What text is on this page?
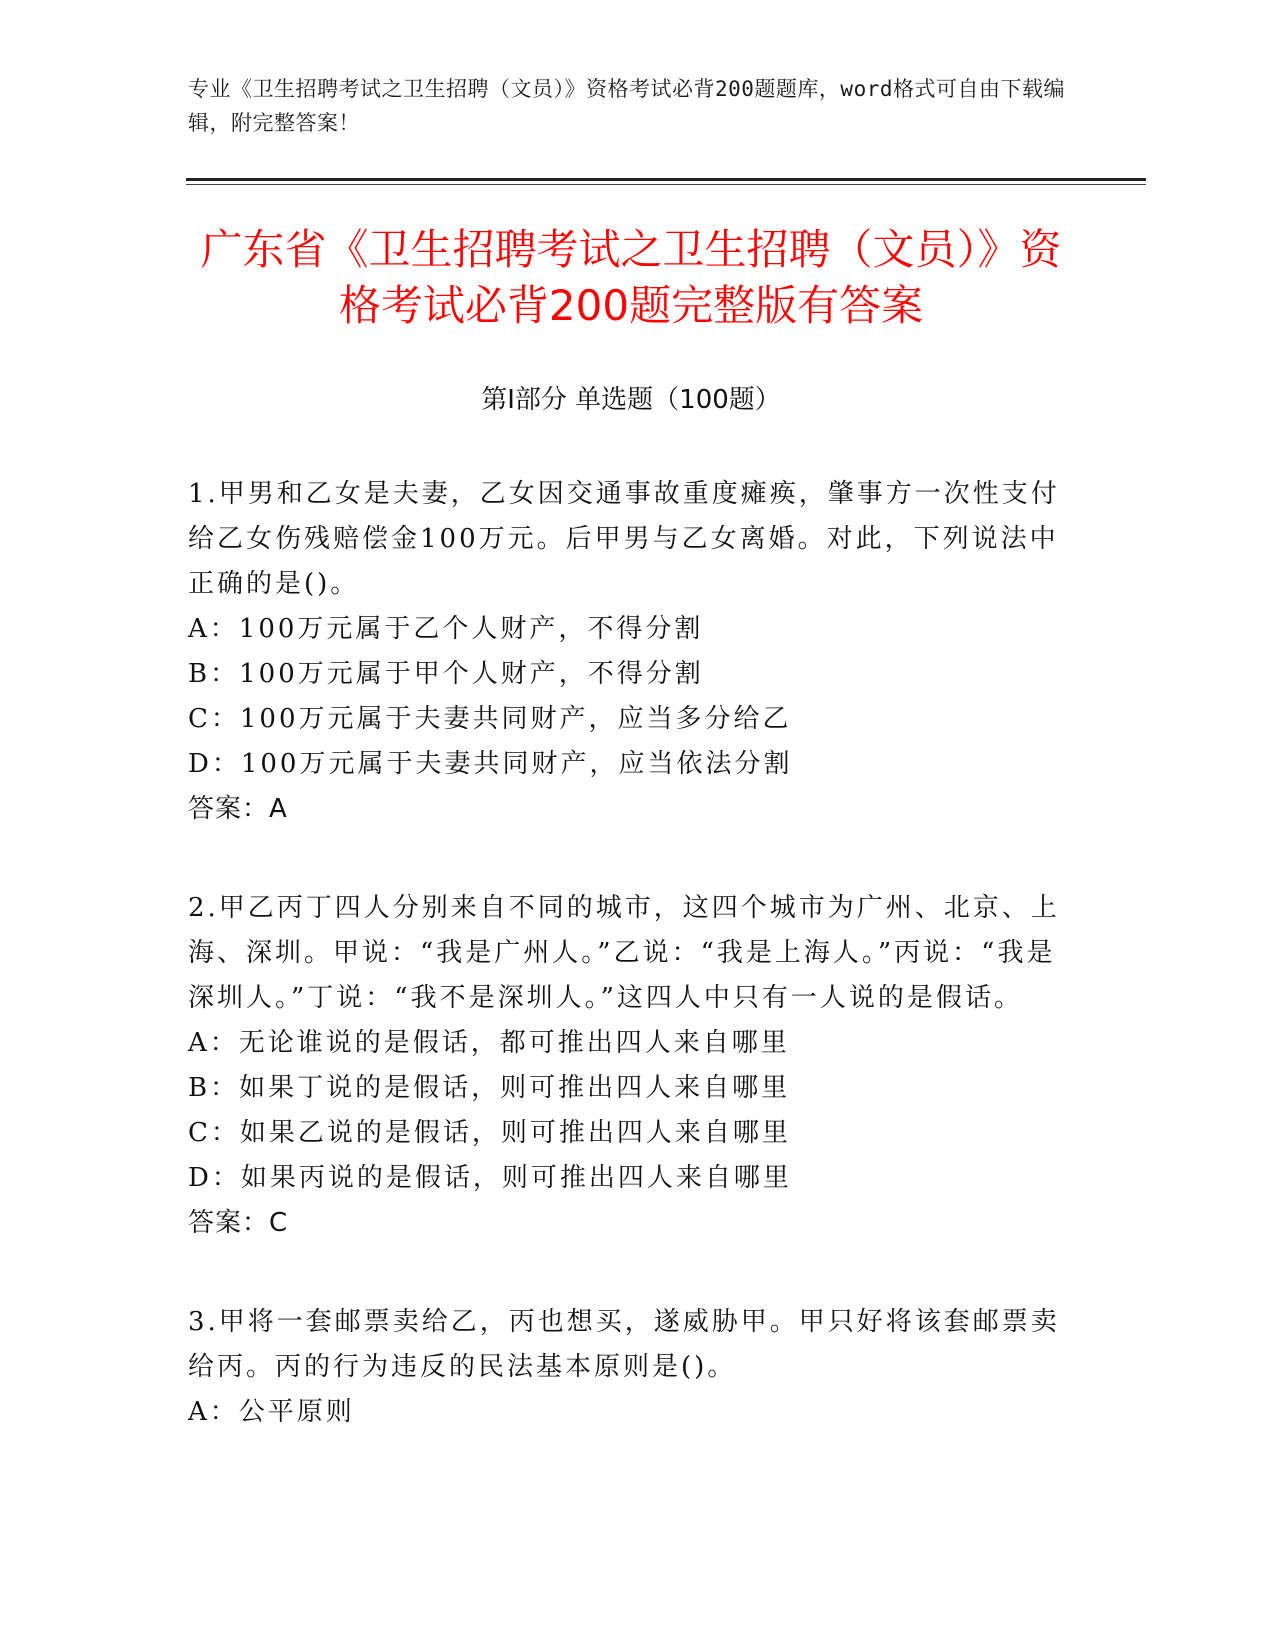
专业《卫生招聘考试之卫生招聘（文员）》资格考试必背200题题库，word格式可自由下载编辑，附完整答案！
广东省《卫生招聘考试之卫生招聘（文员）》资格考试必背200题完整版有答案
第Ⅰ部分 单选题（100题）
1.甲男和乙女是夫妻，乙女因交通事故重度瘫痪，肇事方一次性支付给乙女伤残赔偿金100万元。后甲男与乙女离婚。对此，下列说法中正确的是()。
A：100万元属于乙个人财产，不得分割
B：100万元属于甲个人财产，不得分割
C：100万元属于夫妻共同财产，应当多分给乙
D：100万元属于夫妻共同财产，应当依法分割
答案：A
2.甲乙丙丁四人分别来自不同的城市，这四个城市为广州、北京、上海、深圳。甲说：“我是广州人。”乙说：“我是上海人。”丙说：“我是深圳人。”丁说：“我不是深圳人。”这四人中只有一人说的是假话。
A：无论谁说的是假话，都可推出四人来自哪里
B：如果丁说的是假话，则可推出四人来自哪里
C：如果乙说的是假话，则可推出四人来自哪里
D：如果丙说的是假话，则可推出四人来自哪里
答案：C
3.甲将一套邮票卖给乙，丙也想买，遂威胁甲。甲只好将该套邮票卖给丙。丙的行为违反的民法基本原则是()。
A：公平原则
